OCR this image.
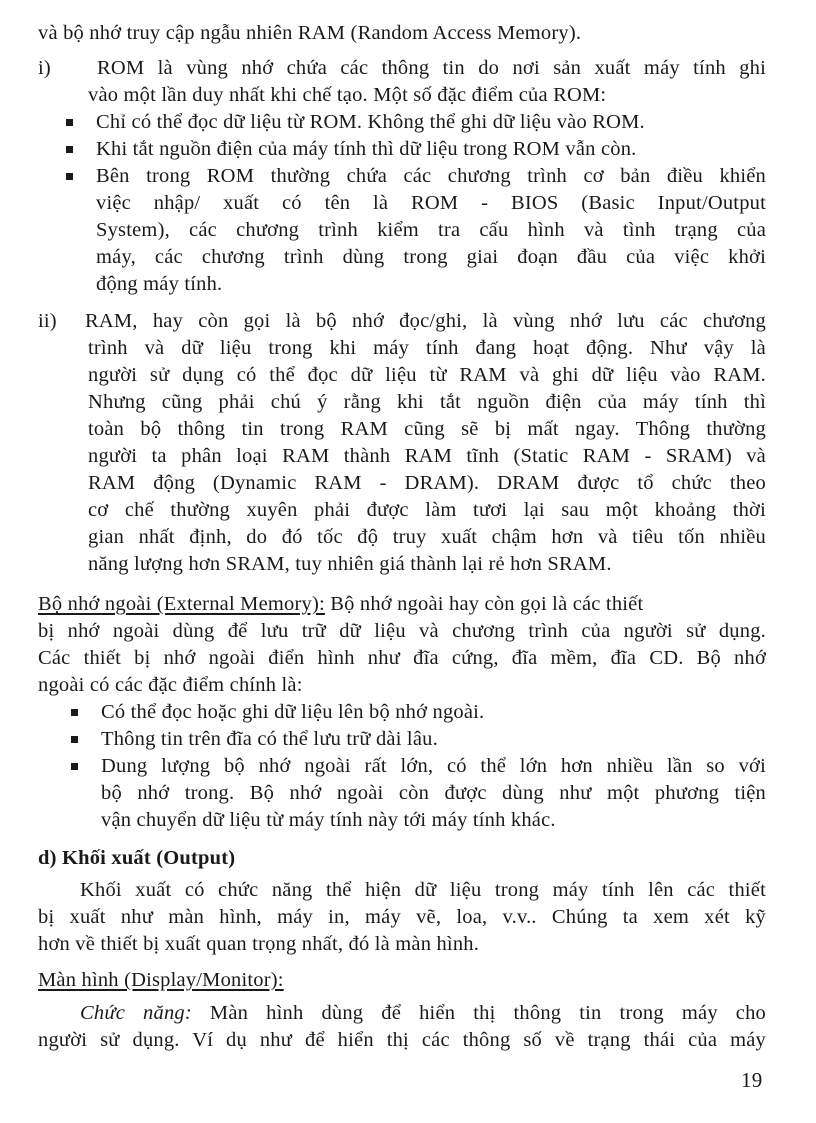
và bộ nhớ truy cập ngẫu nhiên RAM (Random Access Memory).
i) ROM là vùng nhớ chứa các thông tin do nơi sản xuất máy tính ghi
vào một lần duy nhất khi chế tạo. Một số đặc điểm của ROM:
Chỉ có thể đọc dữ liệu từ ROM. Không thể ghi dữ liệu vào ROM.
Khi tắt nguồn điện của máy tính thì dữ liệu trong ROM vẫn còn.
Bên trong ROM thường chứa các chương trình cơ bản điều khiển
việc nhập/ xuất có tên là ROM - BIOS (Basic Input/Output
System), các chương trình kiểm tra cấu hình và tình trạng của
máy, các chương trình dùng trong giai đoạn đầu của việc khởi
động máy tính.
ii) RAM, hay còn gọi là bộ nhớ đọc/ghi, là vùng nhớ lưu các chương
trình và dữ liệu trong khi máy tính đang hoạt động. Như vậy là
người sử dụng có thể đọc dữ liệu từ RAM và ghi dữ liệu vào RAM.
Nhưng cũng phải chú ý rằng khi tắt nguồn điện của máy tính thì
toàn bộ thông tin trong RAM cũng sẽ bị mất ngay. Thông thường
người ta phân loại RAM thành RAM tĩnh (Static RAM - SRAM) và
RAM động (Dynamic RAM - DRAM). DRAM được tổ chức theo
cơ chế thường xuyên phải được làm tươi lại sau một khoảng thời
gian nhất định, do đó tốc độ truy xuất chậm hơn và tiêu tốn nhiều
năng lượng hơn SRAM, tuy nhiên giá thành lại rẻ hơn SRAM.
Bộ nhớ ngoài (External Memory): Bộ nhớ ngoài hay còn gọi là các thiết
bị nhớ ngoài dùng để lưu trữ dữ liệu và chương trình của người sử dụng.
Các thiết bị nhớ ngoài điển hình như đĩa cứng, đĩa mềm, đĩa CD. Bộ nhớ
ngoài có các đặc điểm chính là:
Có thể đọc hoặc ghi dữ liệu lên bộ nhớ ngoài.
Thông tin trên đĩa có thể lưu trữ dài lâu.
Dung lượng bộ nhớ ngoài rất lớn, có thể lớn hơn nhiều lần so với
bộ nhớ trong. Bộ nhớ ngoài còn được dùng như một phương tiện
vận chuyển dữ liệu từ máy tính này tới máy tính khác.
d) Khối xuất (Output)
Khối xuất có chức năng thể hiện dữ liệu trong máy tính lên các thiết
bị xuất như màn hình, máy in, máy vẽ, loa, v.v.. Chúng ta xem xét kỹ
hơn về thiết bị xuất quan trọng nhất, đó là màn hình.
Màn hình (Display/Monitor):
Chức năng: Màn hình dùng để hiển thị thông tin trong máy cho
người sử dụng. Ví dụ như để hiển thị các thông số về trạng thái của máy
19
